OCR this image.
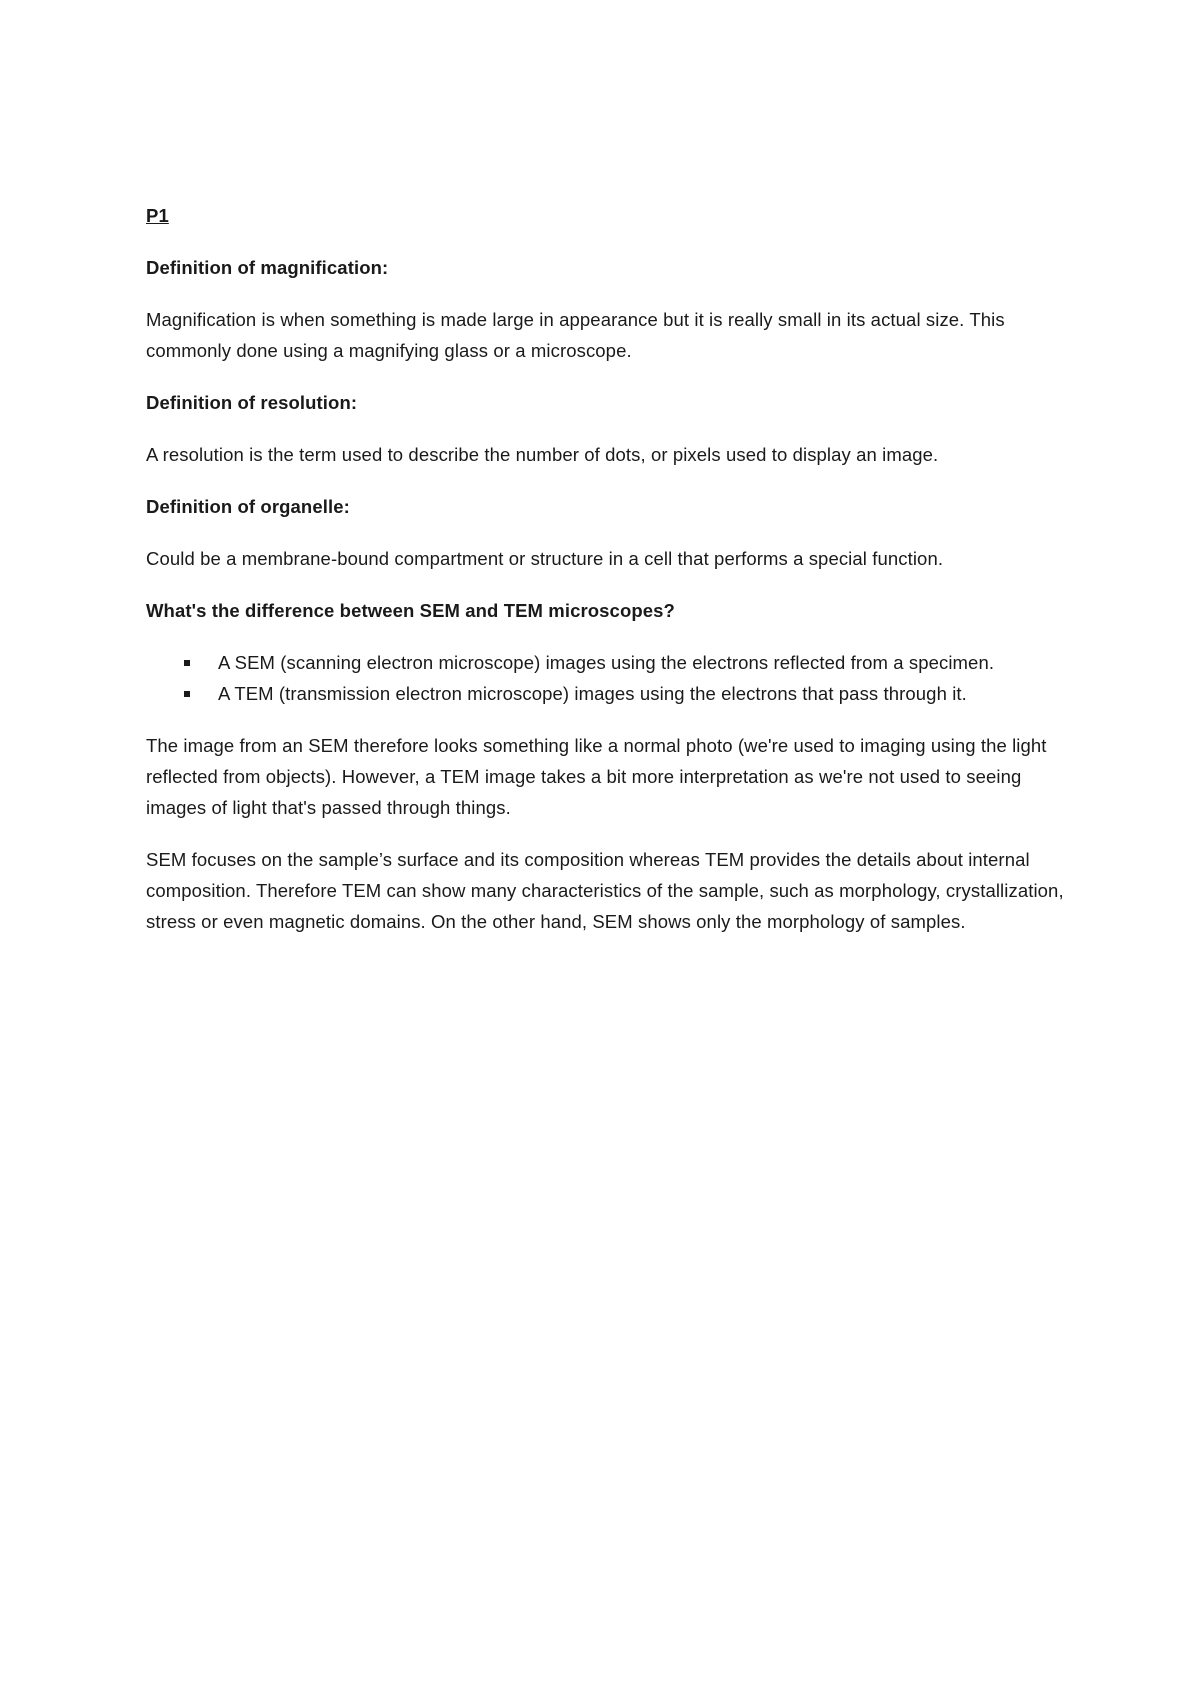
P1

Definition of magnification:

Magnification is when something is made large in appearance but it is really small in its actual size. This commonly done using a magnifying glass or a microscope.

Definition of resolution:

A resolution is the term used to describe the number of dots, or pixels used to display an image.

Definition of organelle:

Could be a membrane-bound compartment or structure in a cell that performs a special function.

What's the difference between SEM and TEM microscopes?

A SEM (scanning electron microscope) images using the electrons reflected from a specimen.
A TEM (transmission electron microscope) images using the electrons that pass through it.

The image from an SEM therefore looks something like a normal photo (we're used to imaging using the light reflected from objects). However, a TEM image takes a bit more interpretation as we're not used to seeing images of light that's passed through things.

SEM focuses on the sample’s surface and its composition whereas TEM provides the details about internal composition. Therefore TEM can show many characteristics of the sample, such as morphology, crystallization, stress or even magnetic domains. On the other hand, SEM shows only the morphology of samples.
